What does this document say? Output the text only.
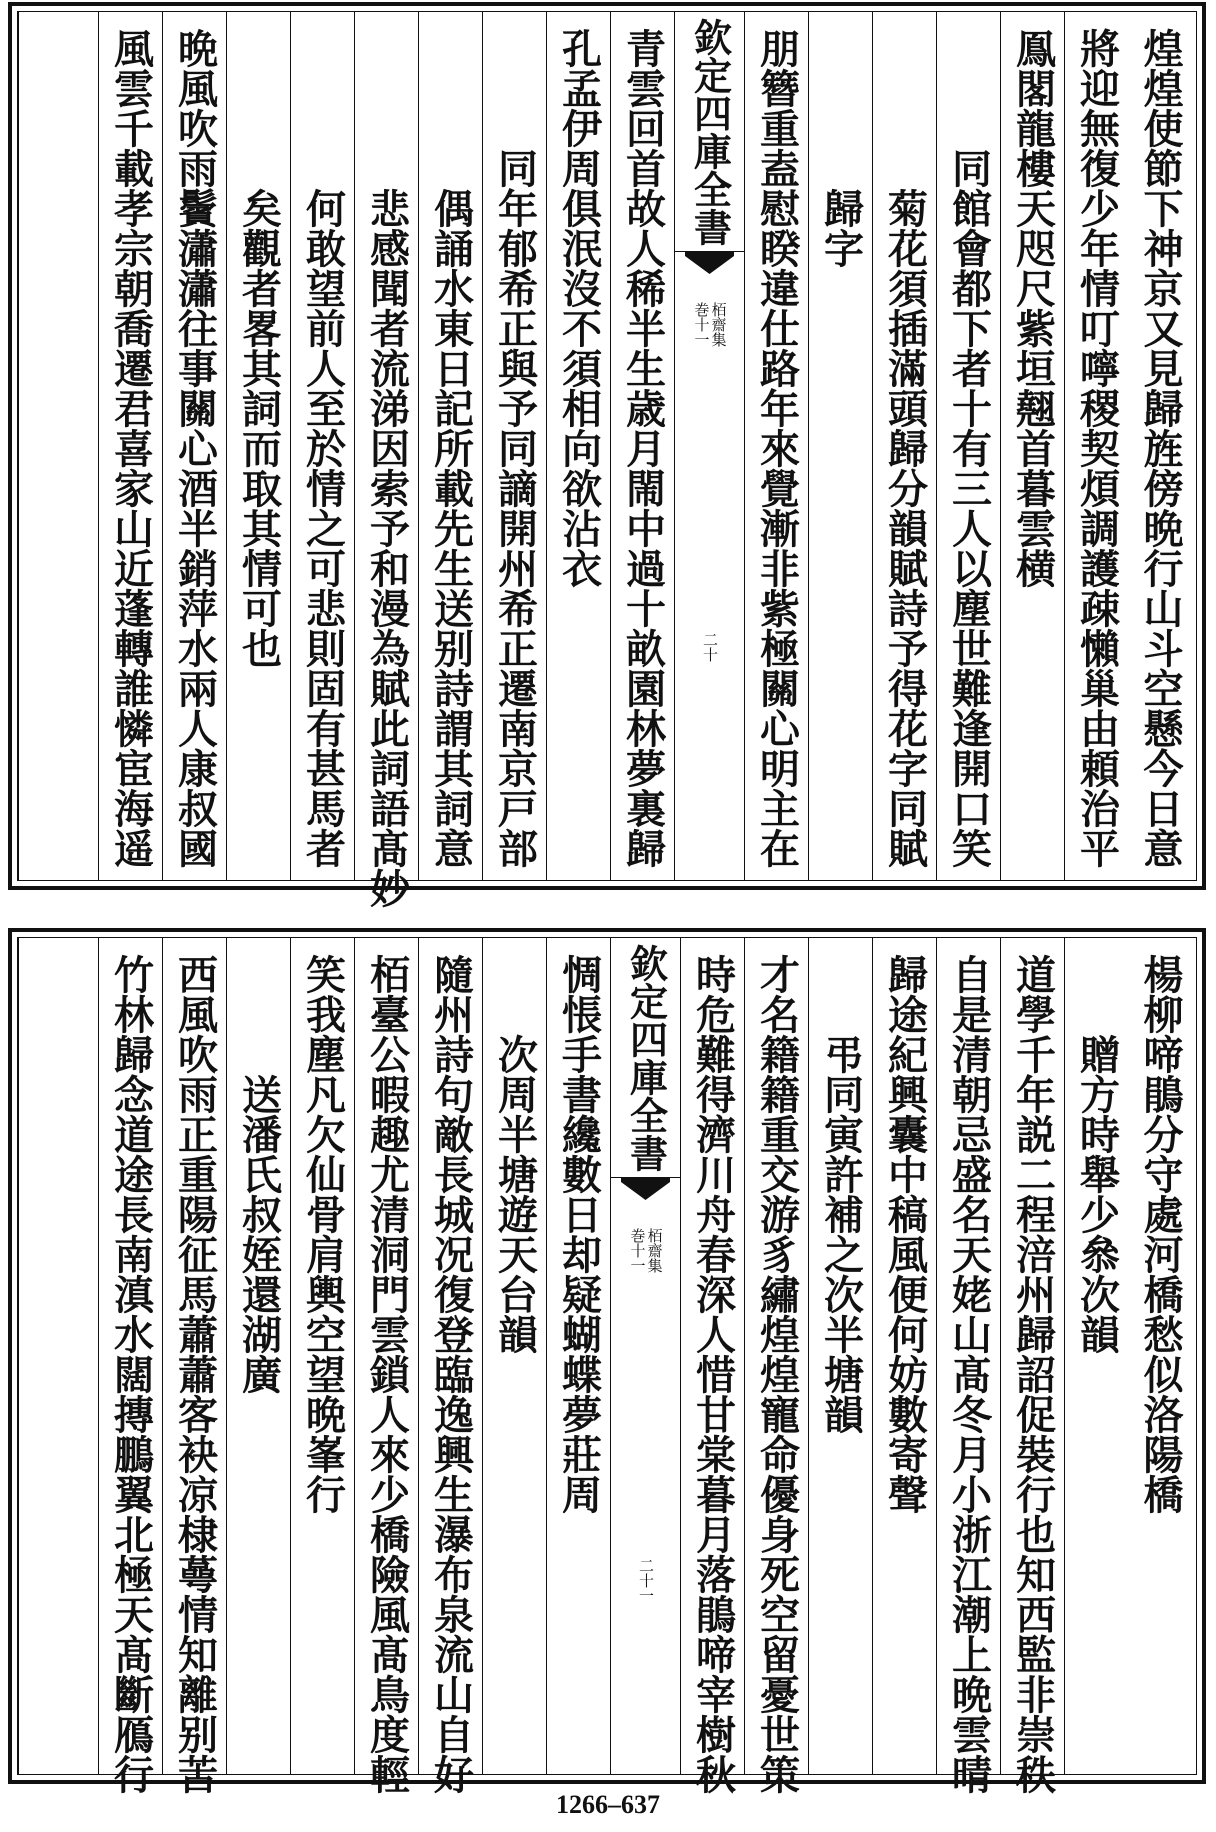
煌煌使節下神京又見歸旌傍晩行山斗空懸今日意
將迎無復少年情叮嚀稷契煩調護疎懶巢由頼治平
鳯閣龍樓天咫尺紫垣翹首暮雲横
同館會都下者十有三人以塵世難逢開口笑
菊花須插滿頭歸分韻賦詩予得花字同賦
歸字
朋簪重盍慰睽違仕路年來覺漸非紫極關心明主在
欽定四庫全書
巻十一 栢齋集
二十
青雲回首故人稀半生歳月閙中過十畝園林夢裏歸
孔孟伊周俱泯沒不須相向欲沾衣
同年郁希正與予同謫開州希正遷南京戸部
偶誦水東日記所載先生送别詩謂其詞意
悲感聞者流涕因索予和漫為賦此詞語髙妙
何敢望前人至於情之可悲則固有甚馬者
矣觀者畧其詞而取其情可也
晩風吹雨鬢瀟瀟往事關心酒半銷萍水兩人康叔國
風雲千載孝宗朝喬遷君喜家山近蓬轉誰憐宦海遥
楊柳啼鵑分守處河橋愁似洛陽橋
贈方時舉少叅次韻
道學千年説二程涪州歸詔促裝行也知西監非崇秩
自是清朝忌盛名天姥山髙冬月小浙江潮上晩雲晴
歸途紀興囊中稿風便何妨數寄聲
弔同寅許補之次半塘韻
才名籍籍重交游豸繡煌煌寵命優身死空留憂世策
時危難得濟川舟春深人惜甘棠暮月落鵑啼宰樹秋
欽定四庫全書
巻十一 栢齋集
二十一
惆悵手書纔數日却疑蝴蝶夢莊周
次周半塘遊天台韻
隨州詩句敵長城况復登臨逸興生瀑布泉流山自好
栢臺公暇趣尤清洞門雲鎖人來少橋險風髙鳥度輕
笑我塵凡欠仙骨肩輿空望晩峯行
送潘氏叔姪還湖廣
西風吹雨正重陽征馬蕭蕭客袂凉棣蕚情知離别苦
竹林歸念道途長南滇水闊摶鵬翼北極天髙斷鴈行
1266–637
